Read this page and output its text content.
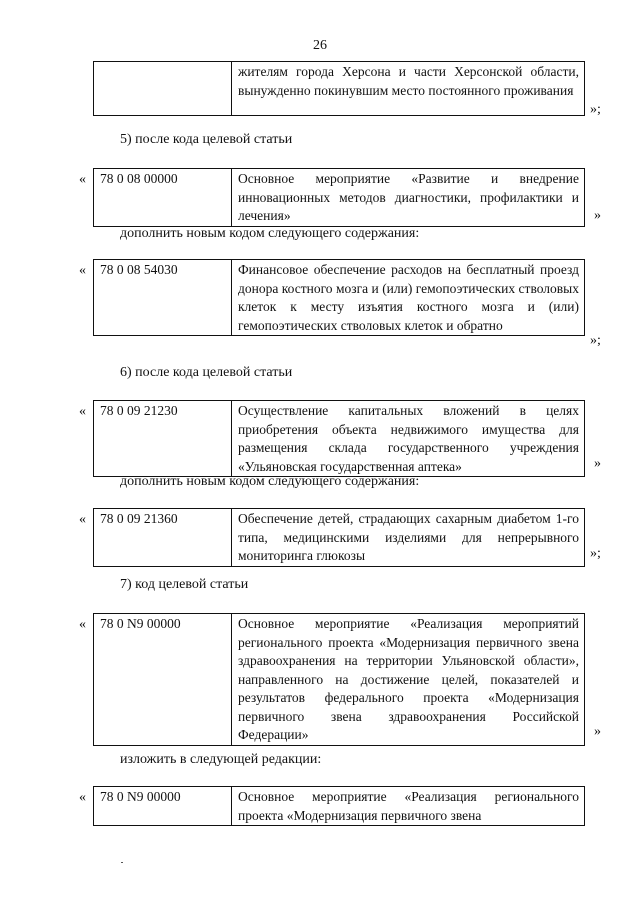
26
	жителям города Херсона и части Херсонской области, вынужденно покинувшим место постоянного проживания
»;
5) после кода целевой статьи
« 78 0 08 00000	Основное мероприятие «Развитие и внедрение инновационных методов диагностики, профилактики и лечения»	»
дополнить новым кодом следующего содержания:
« 78 0 08 54030	Финансовое обеспечение расходов на бесплатный проезд донора костного мозга и (или) гемопоэтических стволовых клеток к месту изъятия костного мозга и (или) гемопоэтических стволовых клеток и обратно
»;
6) после кода целевой статьи
« 78 0 09 21230	Осуществление капитальных вложений в целях приобретения объекта недвижимого имущества для размещения склада государственного учреждения «Ульяновская государственная аптека»	»
дополнить новым кодом следующего содержания:
« 78 0 09 21360	Обеспечение детей, страдающих сахарным диабетом 1-го типа, медицинскими изделиями для непрерывного мониторинга глюкозы	»;
7) код целевой статьи
« 78 0 N9 00000	Основное мероприятие «Реализация мероприятий регионального проекта «Модернизация первичного звена здравоохранения на территории Ульяновской области», направленного на достижение целей, показателей и результатов федерального проекта «Модернизация первичного звена здравоохранения Российской Федерации»	»
изложить в следующей редакции:
« 78 0 N9 00000	Основное мероприятие «Реализация регионального проекта «Модернизация первичного звена
